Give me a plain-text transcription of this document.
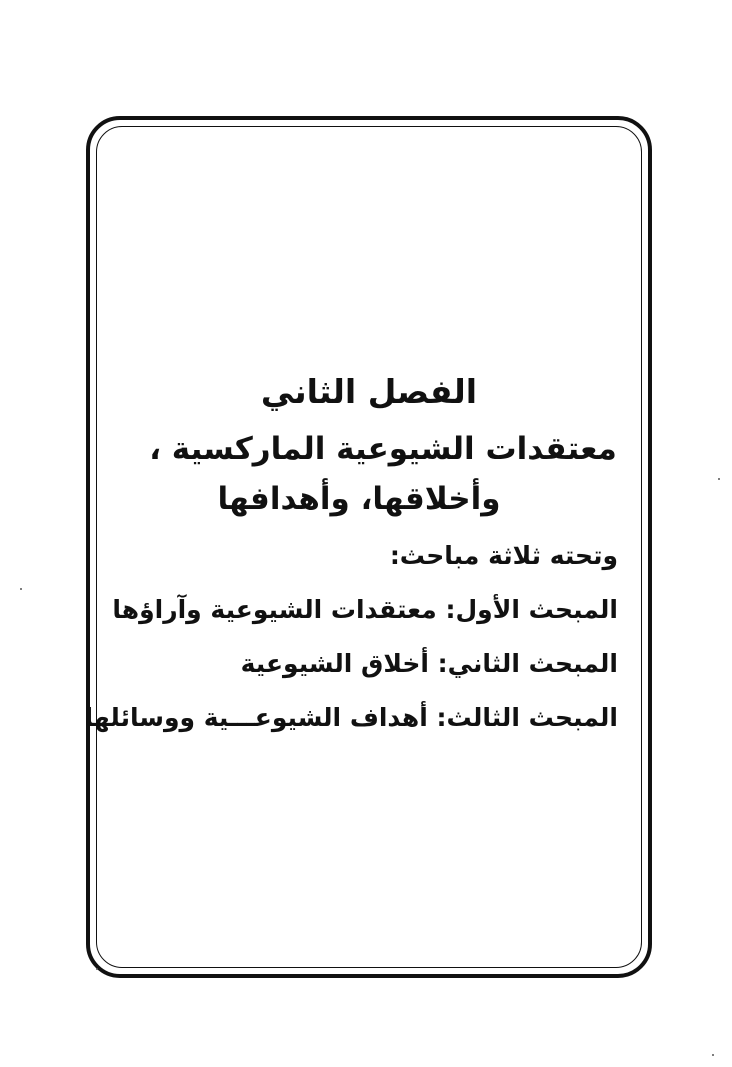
الفصل الثاني
معتقدات الشيوعية الماركسية ،
وأخلاقها، وأهدافها
وتحته ثلاثة مباحث:
المبحث الأول: معتقدات الشيوعية وآراؤها
المبحث الثاني: أخلاق الشيوعية
المبحث الثالث: أهداف الشيوعـــية ووسائلها
